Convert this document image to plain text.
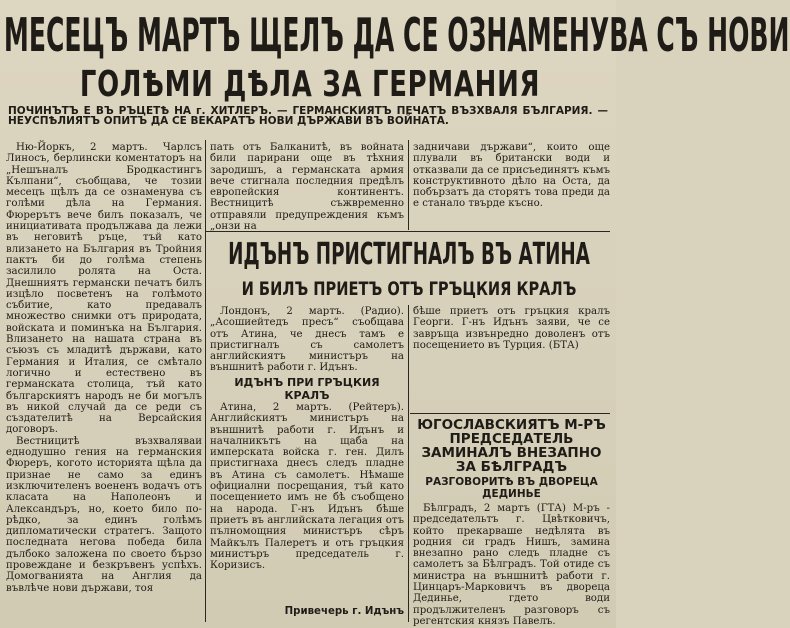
МЕСЕЦЪ МАРТЪ ЩЕЛЪ ДА СЕ ОЗНАМЕНУВА СЪ НОВИ
ГОЛѢМИ ДѢЛА ЗА ГЕРМАНИЯ
ПОЧИНЪТЪ Е ВЪ РЪЦЕТѢ НА г. ХИТЛЕРЪ. — ГЕРМАНСКИЯТЪ ПЕЧАТЪ ВЪЗХВАЛЯ БЪЛГАРИЯ. — НЕУСПѢЛИЯТЪ ОПИТЪ ДА СЕ ВЕКАРАТЪ НОВИ ДЪРЖАВИ ВЪ ВОЙНАТА.

Ню-Йоркъ, 2 мартъ. Чарлсъ Линосъ, берлински коментаторъ на „Нешъналъ Бродкастингъ Кълпани“, съобщава, че тозии месецъ щѣлъ да се ознаменува съ голѣми дѣла на Германия. Фюрерътъ вече билъ показалъ, че инициативата продължава да лежи въ неговитѣ ръце, тъй като влизането на България въ Тройния пактъ би до голѣма степень засилило ролята на Оста. Днешниятъ германски печатъ билъ изцѣло посветенъ на голѣмото събитие, като предавалъ множество снимки отъ природата, войската и поминъка на България. Влизането на нашата страна въ съюзъ съ младитѣ държави, като Германия и Италия, се смѣтало логично и естествено въ германската столица, тъй като българскиятъ народъ не би могълъ въ никой случай да се реди съ създателитѣ на Версайския договоръ.

Вестницитѣ възхваляваи еднодушно гения на германския Фюреръ, когото историята щѣла да признае не само за единъ изключителенъ воененъ водачъ отъ класата на Наполеонъ и Александъръ, но, което било по-рѣдко, за единъ голѣмъ дипломатически стратегъ. Защото последната негова победа била дълбоко заложена по своето бързо провеждане и безкръвенъ успѣхъ. Домогванията на Англия да въвлѣче нови държави, тоя

пать отъ Балканитѣ, въ войната били парирани още въ тѣхния зародишъ, а германската армия вече стигнала последния предѣлъ европейския континентъ. Вестницитѣ съжвременно отправяли предупреждения къмъ „онзи на

задничави държави“, които още плували въ британски води и отказвали да се присъединятъ къмъ конструктивното дѣло на Оста, да побързатъ да сторятъ това преди да е станало твърде късно.

ИДЪНЪ ПРИСТИГНАЛЪ ВЪ АТИНА
И БИЛЪ ПРИЕТЪ ОТЪ ГРЪЦКИЯ КРАЛЪ

Лондонъ, 2 мартъ. (Радио). „Асошиейтедъ пресъ“ съобщава отъ Атина, че днесъ тамъ е пристигналъ съ самолетъ английскиятъ министъръ на външнитѣ работи г. Идънъ.

ИДЪНЪ ПРИ ГРЪЦКИЯ КРАЛЪ

Атина, 2 мартъ. (Рейтеръ). Английскиятъ министъръ на външнитѣ работи г. Идънъ и началникътъ на щаба на имперската войска г. ген. Дилъ пристигнаха днесъ следъ пладне въ Атина съ самолетъ. Нѣмаше официални посрещания, тъй като посещението имъ не бѣ съобщено на народа. Г-нъ Идънъ бѣше приетъ въ английската легация отъ пълномощния министъръ сѣръ Майкълъ Палеретъ и отъ гръцкия министъръ председатель г. Коризисъ.

Привечерь г. Идънъ

бѣше приетъ отъ гръцкия кралъ Георги. Г-нъ Идънъ заяви, че се завръща извънредно доволенъ отъ посещението въ Турция. (БТА)

ЮГОСЛАВСКИЯТЪ М-РЪ ПРЕДСЕДАТЕЛЬ ЗАМИНАЛЪ ВНЕЗАПНО ЗА БѢЛГРАДЪ
РАЗГОВОРИТѢ ВЪ ДВОРЕЦА ДЕДИНЬЕ

Бѣлградъ, 2 мартъ (ГТА) М-ръ - председательтъ г. Цвѣтковичъ, който прекарваше недѣлята въ родния си градъ Нишъ, замина внезапно рано следъ пладне съ самолетъ за Бѣлградъ. Той отиде съ министра на външнитѣ работи г. Цинцаръ-Марковичъ въ двореца Дединье, гдето води продължителенъ разговоръ съ регентския князъ Павелъ.
